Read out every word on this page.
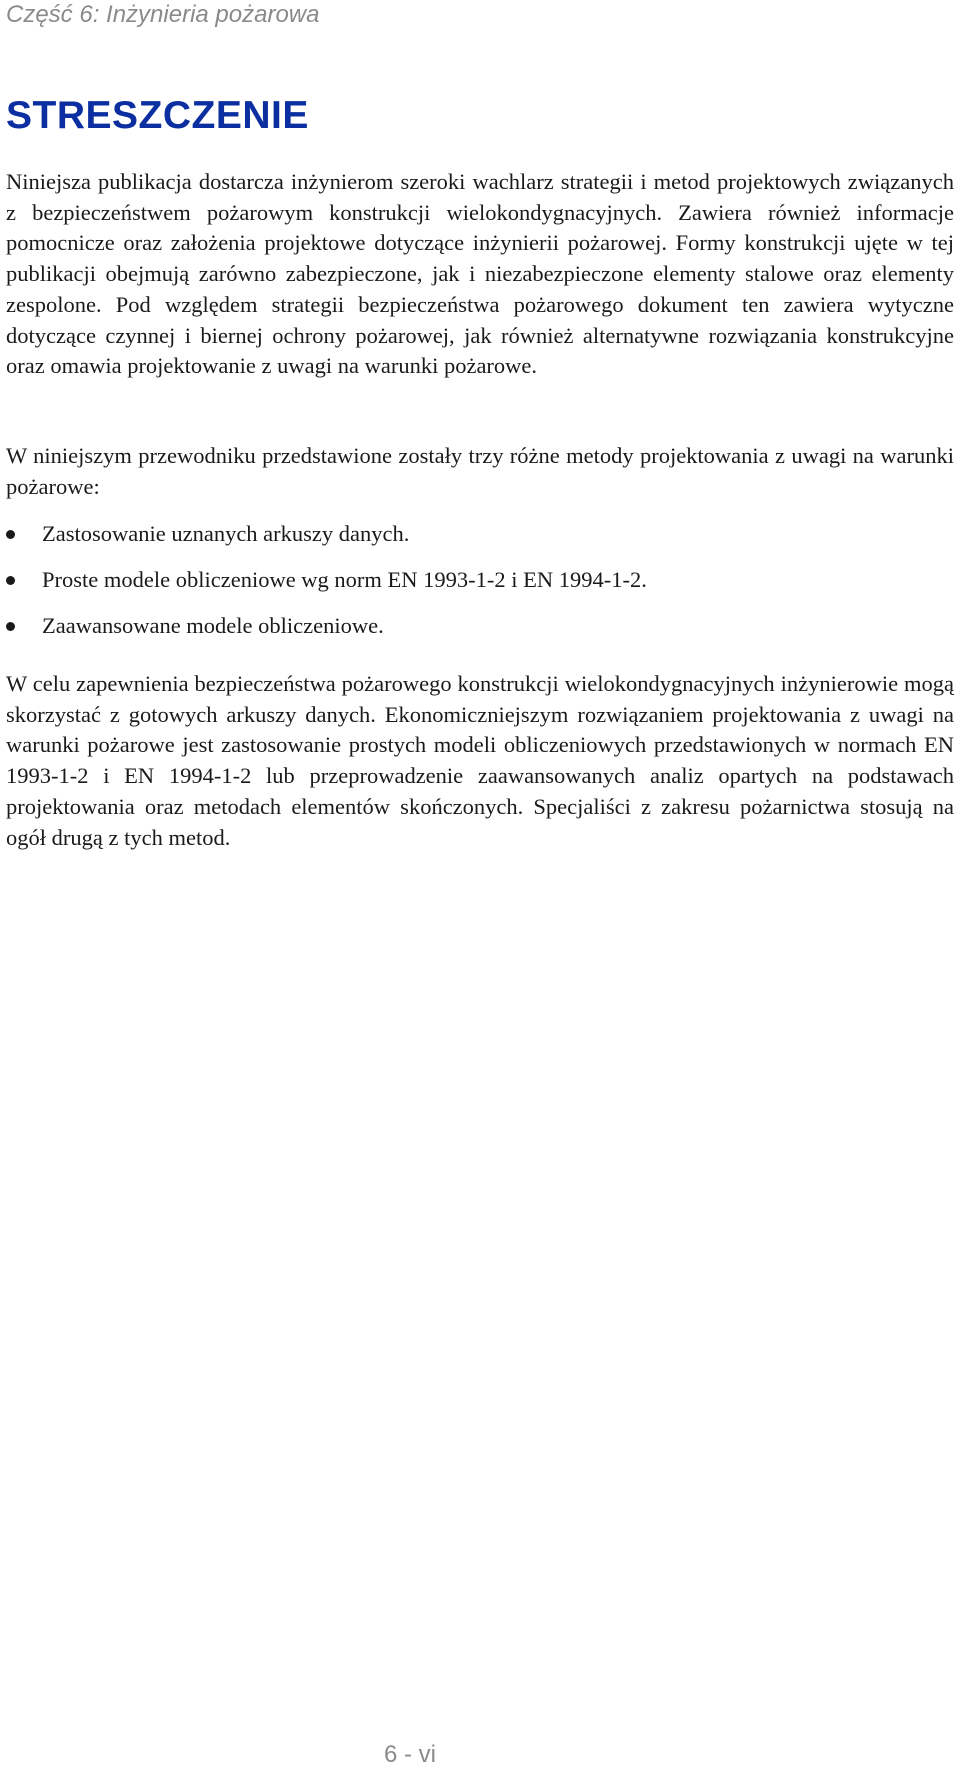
Część 6: Inżynieria pożarowa
STRESZCZENIE

Niniejsza publikacja dostarcza inżynierom szeroki wachlarz strategii i metod projektowych związanych z bezpieczeństwem pożarowym konstrukcji wielokondygnacyjnych. Zawiera również informacje pomocnicze oraz założenia projektowe dotyczące inżynierii pożarowej. Formy konstrukcji ujęte w tej publikacji obejmują zarówno zabezpieczone, jak i niezabezpieczone elementy stalowe oraz elementy zespolone. Pod względem strategii bezpieczeństwa pożarowego dokument ten zawiera wytyczne dotyczące czynnej i biernej ochrony pożarowej, jak również alternatywne rozwiązania konstrukcyjne oraz omawia projektowanie z uwagi na warunki pożarowe.

W niniejszym przewodniku przedstawione zostały trzy różne metody projektowania z uwagi na warunki pożarowe:

Zastosowanie uznanych arkuszy danych.
Proste modele obliczeniowe wg norm EN 1993-1-2 i EN 1994-1-2.
Zaawansowane modele obliczeniowe.

W celu zapewnienia bezpieczeństwa pożarowego konstrukcji wielokondygnacyjnych inżynierowie mogą skorzystać z gotowych arkuszy danych. Ekonomiczniejszym rozwiązaniem projektowania z uwagi na warunki pożarowe jest zastosowanie prostych modeli obliczeniowych przedstawionych w normach EN 1993-1-2 i EN 1994-1-2 lub przeprowadzenie zaawansowanych analiz opartych na podstawach projektowania oraz metodach elementów skończonych. Specjaliści z zakresu pożarnictwa stosują na ogół drugą z tych metod.

6 - vi
